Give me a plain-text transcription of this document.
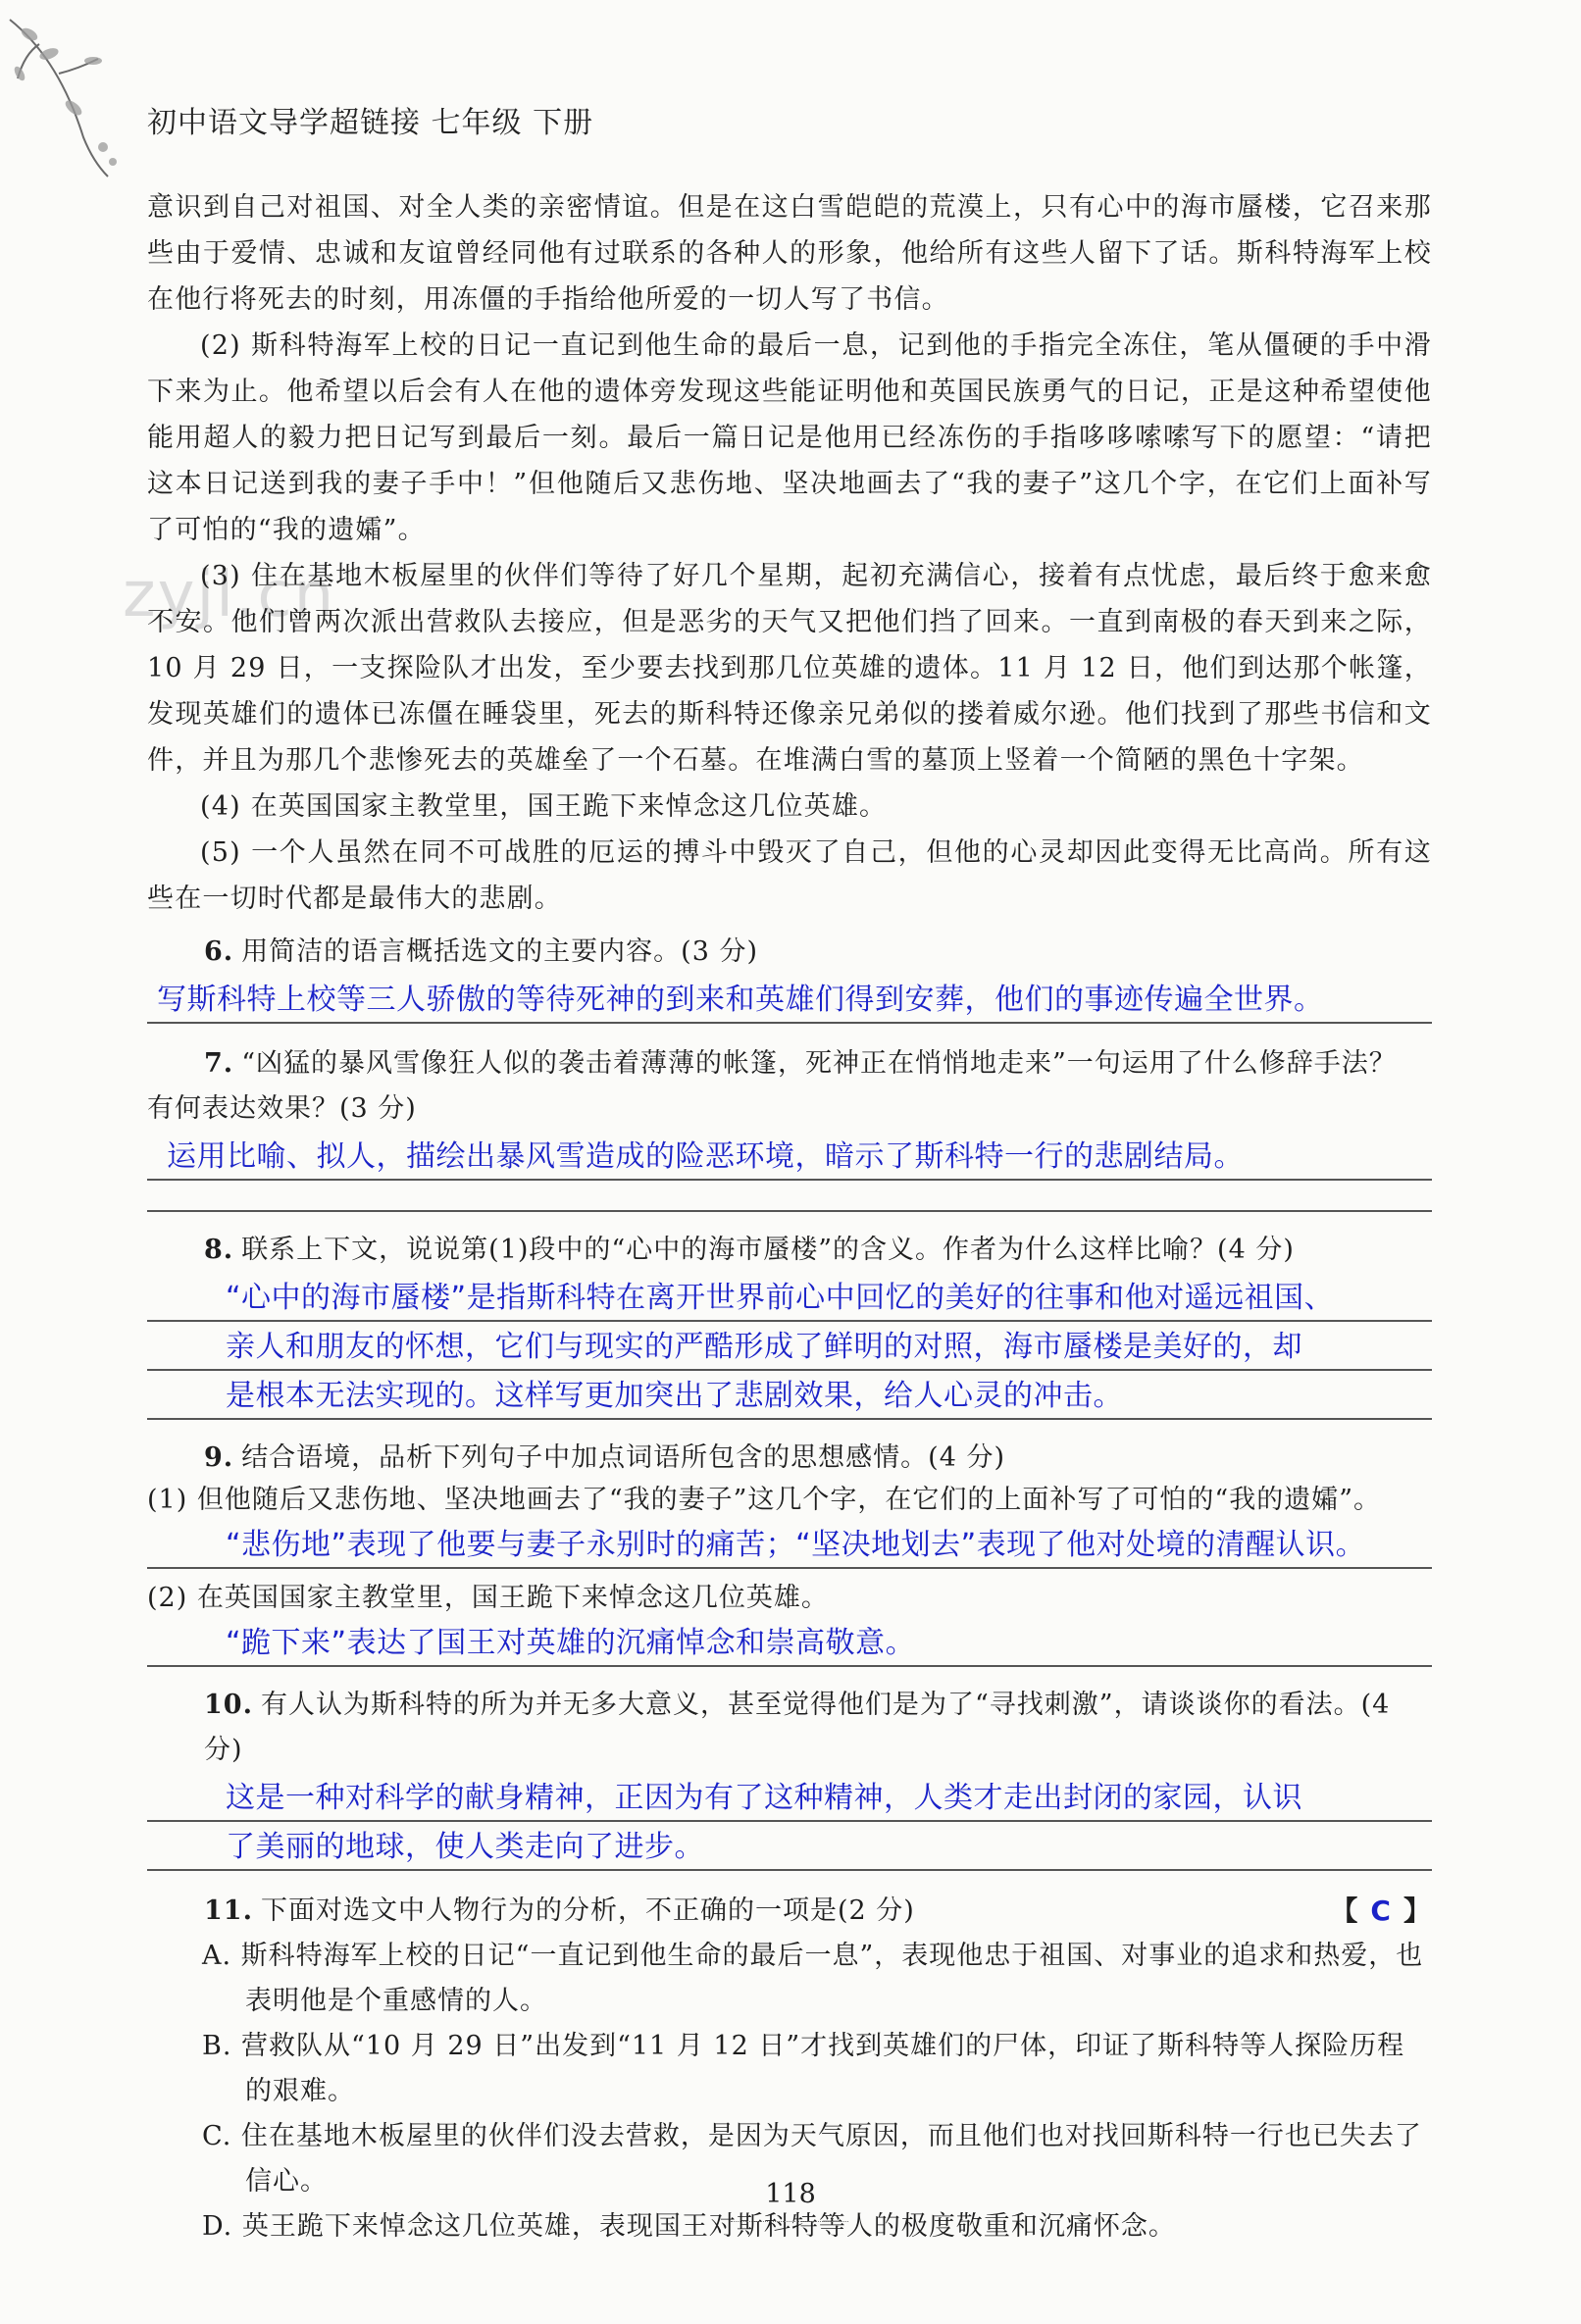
初中语文导学超链接 七年级 下册
zyjl.cn

意识到自己对祖国、对全人类的亲密情谊。但是在这白雪皑皑的荒漠上，只有心中的海市蜃楼，它召来那些由于爱情、忠诚和友谊曾经同他有过联系的各种人的形象，他给所有这些人留下了话。斯科特海军上校在他行将死去的时刻，用冻僵的手指给他所爱的一切人写了书信。

(2) 斯科特海军上校的日记一直记到他生命的最后一息，记到他的手指完全冻住，笔从僵硬的手中滑下来为止。他希望以后会有人在他的遗体旁发现这些能证明他和英国民族勇气的日记，正是这种希望使他能用超人的毅力把日记写到最后一刻。最后一篇日记是他用已经冻伤的手指哆哆嗦嗦写下的愿望：“请把这本日记送到我的妻子手中！”但他随后又悲伤地、坚决地画去了“我的妻子”这几个字，在它们上面补写了可怕的“我的遗孀”。

(3) 住在基地木板屋里的伙伴们等待了好几个星期，起初充满信心，接着有点忧虑，最后终于愈来愈不安。他们曾两次派出营救队去接应，但是恶劣的天气又把他们挡了回来。一直到南极的春天到来之际，10 月 29 日，一支探险队才出发，至少要去找到那几位英雄的遗体。11 月 12 日，他们到达那个帐篷，发现英雄们的遗体已冻僵在睡袋里，死去的斯科特还像亲兄弟似的搂着威尔逊。他们找到了那些书信和文件，并且为那几个悲惨死去的英雄垒了一个石墓。在堆满白雪的墓顶上竖着一个简陋的黑色十字架。

(4) 在英国国家主教堂里，国王跪下来悼念这几位英雄。

(5) 一个人虽然在同不可战胜的厄运的搏斗中毁灭了自己，但他的心灵却因此变得无比高尚。所有这些在一切时代都是最伟大的悲剧。

6. 用简洁的语言概括选文的主要内容。(3 分)
写斯科特上校等三人骄傲的等待死神的到来和英雄们得到安葬，他们的事迹传遍全世界。
7. “凶猛的暴风雪像狂人似的袭击着薄薄的帐篷，死神正在悄悄地走来”一句运用了什么修辞手法？
有何表达效果？(3 分)
运用比喻、拟人，描绘出暴风雪造成的险恶环境，暗示了斯科特一行的悲剧结局。
8. 联系上下文，说说第(1)段中的“心中的海市蜃楼”的含义。作者为什么这样比喻？(4 分)
“心中的海市蜃楼”是指斯科特在离开世界前心中回忆的美好的往事和他对遥远祖国、
亲人和朋友的怀想，它们与现实的严酷形成了鲜明的对照，海市蜃楼是美好的，却
是根本无法实现的。这样写更加突出了悲剧效果，给人心灵的冲击。
9. 结合语境，品析下列句子中加点词语所包含的思想感情。(4 分)
(1) 但他随后又悲伤地、坚决地画去了“我的妻子”这几个字，在它们的上面补写了可怕的“我的遗孀”。
“悲伤地”表现了他要与妻子永别时的痛苦；“坚决地划去”表现了他对处境的清醒认识。
(2) 在英国国家主教堂里，国王跪下来悼念这几位英雄。
“跪下来”表达了国王对英雄的沉痛悼念和崇高敬意。
10. 有人认为斯科特的所为并无多大意义，甚至觉得他们是为了“寻找刺激”，请谈谈你的看法。(4 分)
这是一种对科学的献身精神，正因为有了这种精神，人类才走出封闭的家园，认识
了美丽的地球，使人类走向了进步。
【 C 】
11. 下面对选文中人物行为的分析，不正确的一项是(2 分)

A. 斯科特海军上校的日记“一直记到他生命的最后一息”，表现他忠于祖国、对事业的追求和热爱，也表明他是个重感情的人。

B. 营救队从“10 月 29 日”出发到“11 月 12 日”才找到英雄们的尸体，印证了斯科特等人探险历程的艰难。

C. 住在基地木板屋里的伙伴们没去营救，是因为天气原因，而且他们也对找回斯科特一行也已失去了信心。

D. 英王跪下来悼念这几位英雄，表现国王对斯科特等人的极度敬重和沉痛怀念。

118
